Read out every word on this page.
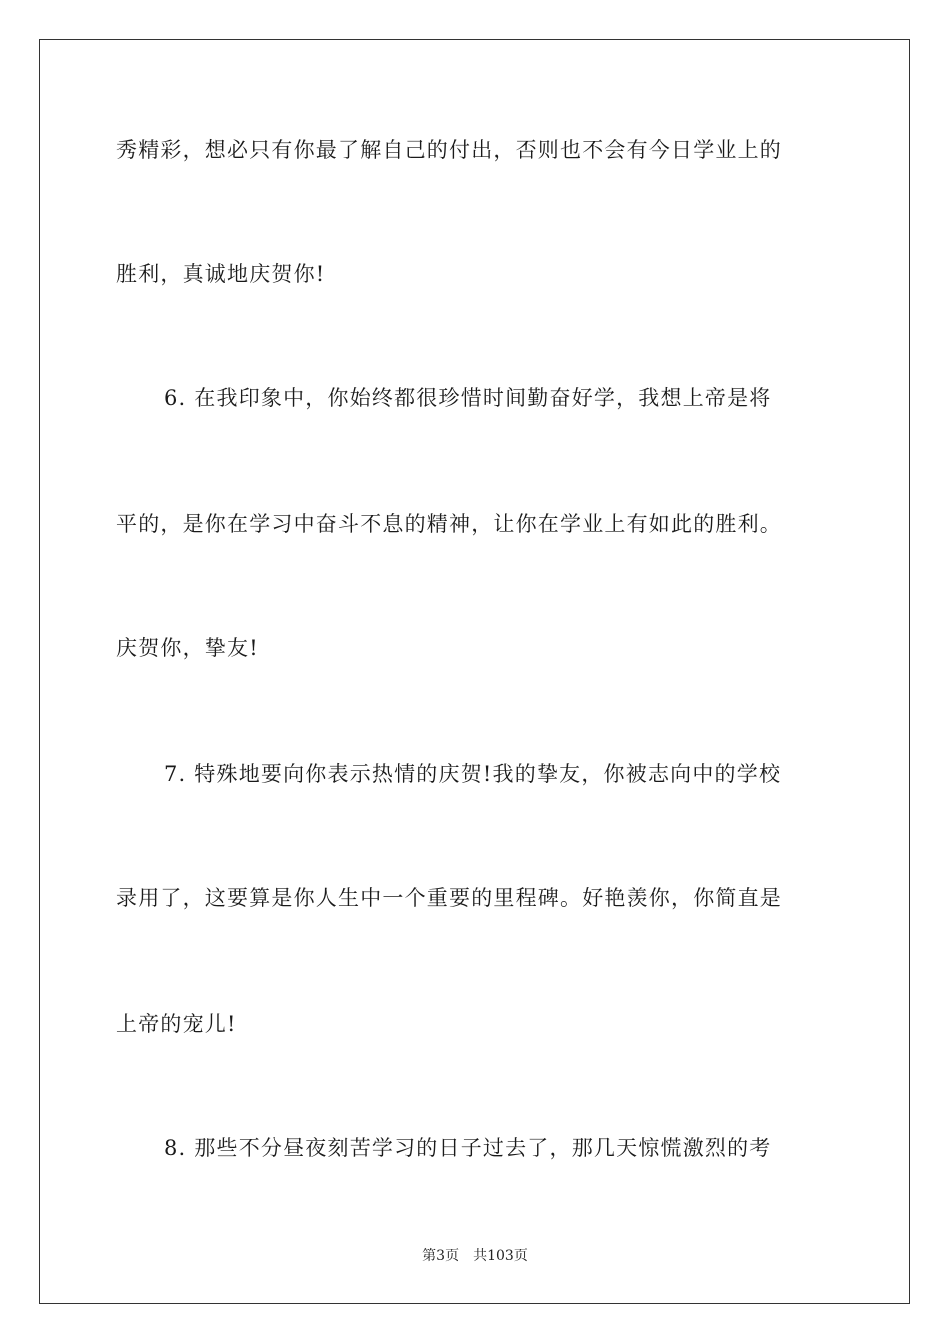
秀精彩，想必只有你最了解自己的付出，否则也不会有今日学业上的
胜利，真诚地庆贺你!
6. 在我印象中，你始终都很珍惜时间勤奋好学，我想上帝是将
平的，是你在学习中奋斗不息的精神，让你在学业上有如此的胜利。
庆贺你，挚友!
7. 特殊地要向你表示热情的庆贺!我的挚友，你被志向中的学校
录用了，这要算是你人生中一个重要的里程碑。好艳羡你，你简直是
上帝的宠儿!
8. 那些不分昼夜刻苦学习的日子过去了，那几天惊慌激烈的考
第3页 共103页
